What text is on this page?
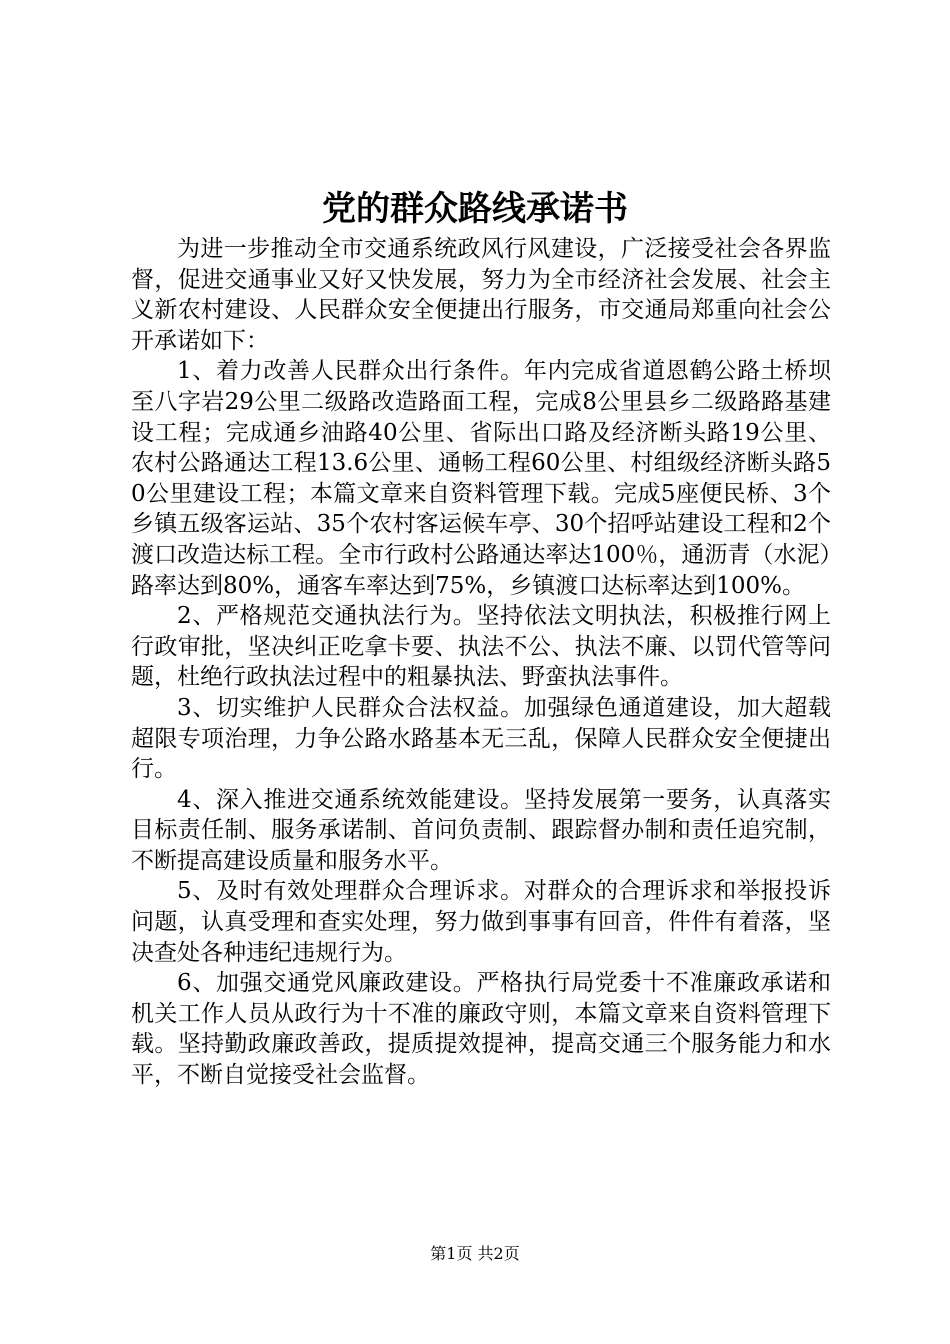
党的群众路线承诺书

为进一步推动全市交通系统政风行风建设，广泛接受社会各界监督，促进交通事业又好又快发展，努力为全市经济社会发展、社会主义新农村建设、人民群众安全便捷出行服务，市交通局郑重向社会公开承诺如下：

1、着力改善人民群众出行条件。年内完成省道恩鹤公路土桥坝至八字岩29公里二级路改造路面工程，完成8公里县乡二级路路基建设工程；完成通乡油路40公里、省际出口路及经济断头路19公里、农村公路通达工程13.6公里、通畅工程60公里、村组级经济断头路50公里建设工程；本篇文章来自资料管理下载。完成5座便民桥、3个乡镇五级客运站、35个农村客运候车亭、30个招呼站建设工程和2个渡口改造达标工程。全市行政村公路通达率达100％，通沥青（水泥）路率达到80%，通客车率达到75%，乡镇渡口达标率达到100%。

2、严格规范交通执法行为。坚持依法文明执法，积极推行网上行政审批，坚决纠正吃拿卡要、执法不公、执法不廉、以罚代管等问题，杜绝行政执法过程中的粗暴执法、野蛮执法事件。

3、切实维护人民群众合法权益。加强绿色通道建设，加大超载超限专项治理，力争公路水路基本无三乱，保障人民群众安全便捷出行。

4、深入推进交通系统效能建设。坚持发展第一要务，认真落实目标责任制、服务承诺制、首问负责制、跟踪督办制和责任追究制，不断提高建设质量和服务水平。

5、及时有效处理群众合理诉求。对群众的合理诉求和举报投诉问题，认真受理和查实处理，努力做到事事有回音，件件有着落，坚决查处各种违纪违规行为。

6、加强交通党风廉政建设。严格执行局党委十不准廉政承诺和机关工作人员从政行为十不准的廉政守则，本篇文章来自资料管理下载。坚持勤政廉政善政，提质提效提神，提高交通三个服务能力和水平，不断自觉接受社会监督。

第1页 共2页
